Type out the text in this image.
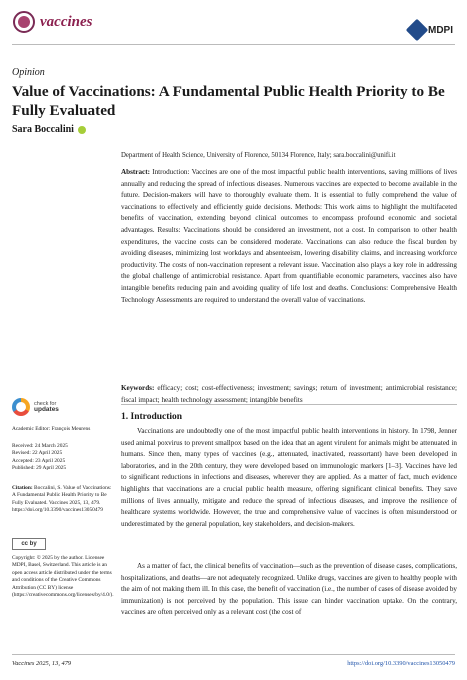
vaccines
MDPI
Opinion
Value of Vaccinations: A Fundamental Public Health Priority to Be Fully Evaluated
Sara Boccalini
Department of Health Science, University of Florence, 50134 Florence, Italy; sara.boccalini@unifi.it
Abstract: Introduction: Vaccines are one of the most impactful public health interventions, saving millions of lives annually and reducing the spread of infectious diseases. Numerous vaccines are expected to become available in the future. Decision-makers will have to thoroughly evaluate them. It is essential to fully comprehend the value of vaccinations to effectively and efficiently guide decisions. Methods: This work aims to highlight the multifaceted benefits of vaccination, extending beyond clinical outcomes to encompass profound economic and societal advantages. Results: Vaccinations should be considered an investment, not a cost. In comparison to other health expenditures, the vaccine costs can be considered moderate. Vaccinations can also reduce the fiscal burden by avoiding diseases, minimizing lost workdays and absenteeism, lowering disability claims, and increasing workforce productivity. The costs of non-vaccination represent a relevant issue. Vaccination also plays a key role in addressing the global challenge of antimicrobial resistance. Apart from quantifiable economic parameters, vaccines also have intangible benefits reducing pain and avoiding quality of life lost and deaths. Conclusions: Comprehensive Health Technology Assessments are required to understand the overall value of vaccinations.
Keywords: efficacy; cost; cost-effectiveness; investment; savings; return of investment; antimicrobial resistance; fiscal impact; health technology assessment; intangible benefits
check for
updates
Academic Editor: François Meurens
Received: 24 March 2025
Revised: 22 April 2025
Accepted: 23 April 2025
Published: 29 April 2025
Citation: Boccalini, S. Value of Vaccinations: A Fundamental Public Health Priority to Be Fully Evaluated. Vaccines 2025, 13, 479. https://doi.org/10.3390/vaccines13050479
cc by
Copyright: © 2025 by the author. Licensee MDPI, Basel, Switzerland. This article is an open access article distributed under the terms and conditions of the Creative Commons Attribution (CC BY) license (https://creativecommons.org/licenses/by/4.0/).
1. Introduction
Vaccinations are undoubtedly one of the most impactful public health interventions in history. In 1798, Jenner used animal poxvirus to prevent smallpox based on the idea that an agent virulent for animals might be attenuated in humans. Since then, many types of vaccines (e.g., attenuated, inactivated, reassortant) have been developed in laboratories, and in the 20th century, they were developed based on immunologic markers [1–3]. Vaccines have led to significant reductions in infections and diseases, wherever they are applied. As a matter of fact, much evidence highlights that vaccinations are a crucial public health measure, offering significant clinical benefits. They save millions of lives annually, mitigate and reduce the spread of infectious diseases, and improve the resilience of healthcare systems worldwide. However, the true and comprehensive value of vaccines is often misunderstood or underestimated by the general population, key stakeholders, and decision-makers.
As a matter of fact, the clinical benefits of vaccination—such as the prevention of disease cases, complications, hospitalizations, and deaths—are not adequately recognized. Unlike drugs, vaccines are given to healthy people with the aim of not making them ill. In this case, the benefit of vaccination (i.e., the number of cases of disease avoided by immunization) is not perceived by the population. This issue can hinder vaccination uptake. On the contrary, vaccines are often perceived only as a relevant cost (the cost of
Vaccines 2025, 13, 479	https://doi.org/10.3390/vaccines13050479
